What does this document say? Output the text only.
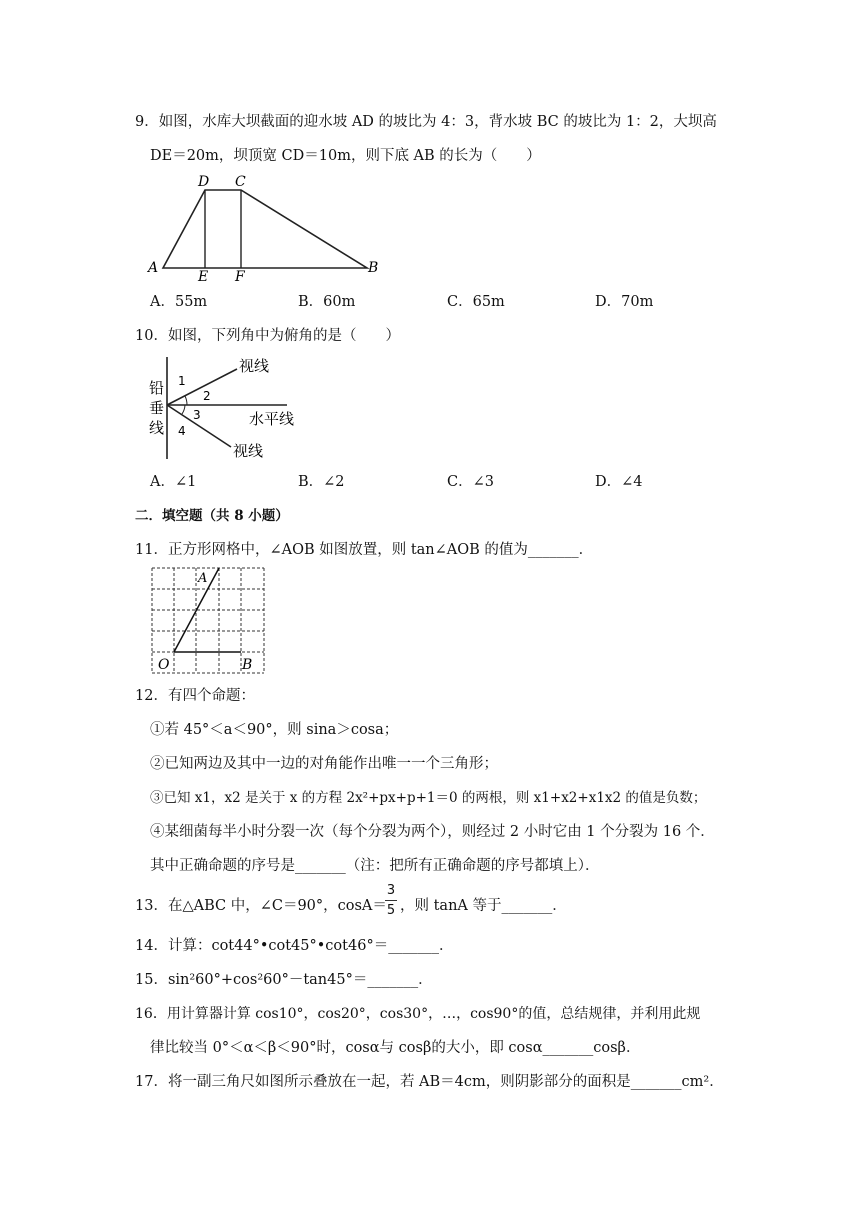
9．如图，水库大坝截面的迎水坡 AD 的坡比为 4：3，背水坡 BC 的坡比为 1：2，大坝高
DE＝20m，坝顶宽 CD＝10m，则下底 AB 的长为（　　）
A
D C
E F
B
A．55m	B．60m	C．65m	D．70m
10．如图，下列角中为俯角的是（　　）
铅
垂
线
视线
水平线
视线
1
2
3
4
A．∠1	B．∠2	C．∠3	D．∠4
二．填空题（共 8 小题）
11．正方形网格中，∠AOB 如图放置，则 tan∠AOB 的值为_______．
A
O	B
12．有四个命题：
①若 45°＜a＜90°，则 sina＞cosa；
②已知两边及其中一边的对角能作出唯一一个三角形；
③已知 x1，x2 是关于 x 的方程 2x²+px+p+1＝0 的两根，则 x1+x2+x1x2 的值是负数；
④某细菌每半小时分裂一次（每个分裂为两个），则经过 2 小时它由 1 个分裂为 16 个．
其中正确命题的序号是_______（注：把所有正确命题的序号都填上）．
13．在△ABC 中，∠C＝90°，cosA＝
3
5 ，则 tanA 等于_______．
14．计算：cot44°•cot45°•cot46°＝_______．
15．sin²60°+cos²60°－tan45°＝_______．
16．用计算器计算 cos10°，cos20°，cos30°，…，cos90°的值，总结规律，并利用此规
律比较当 0°＜α＜β＜90°时，cosα与 cosβ的大小，即 cosα_______cosβ．
17．将一副三角尺如图所示叠放在一起，若 AB＝4cm，则阴影部分的面积是_______cm²．
